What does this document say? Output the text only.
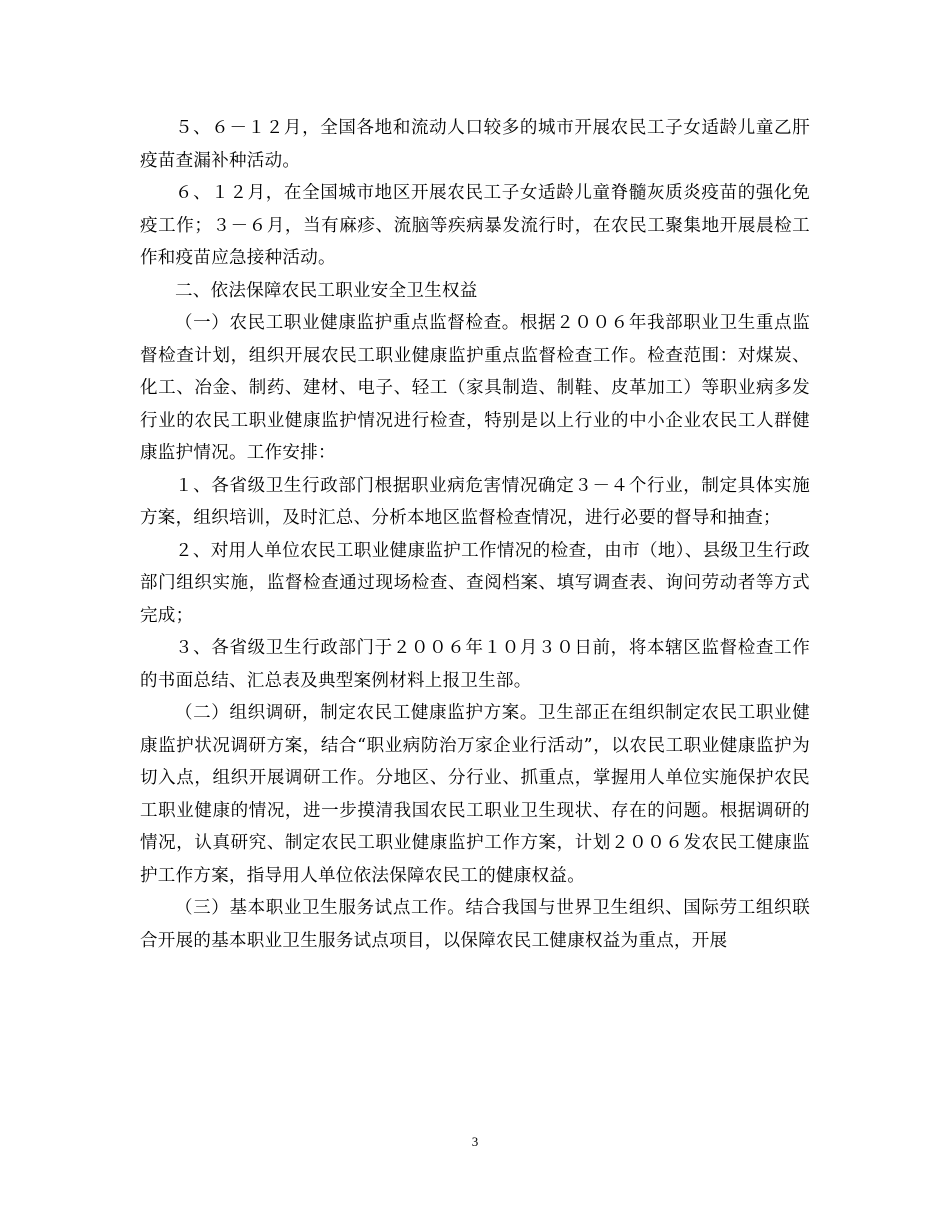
５、６－１２月，全国各地和流动人口较多的城市开展农民工子女适龄儿童乙肝疫苗查漏补种活动。

６、１２月，在全国城市地区开展农民工子女适龄儿童脊髓灰质炎疫苗的强化免疫工作；３－６月，当有麻疹、流脑等疾病暴发流行时，在农民工聚集地开展晨检工作和疫苗应急接种活动。

二、依法保障农民工职业安全卫生权益

（一）农民工职业健康监护重点监督检查。根据２００６年我部职业卫生重点监督检查计划，组织开展农民工职业健康监护重点监督检查工作。检查范围：对煤炭、化工、冶金、制药、建材、电子、轻工（家具制造、制鞋、皮革加工）等职业病多发行业的农民工职业健康监护情况进行检查，特别是以上行业的中小企业农民工人群健康监护情况。工作安排：

１、各省级卫生行政部门根据职业病危害情况确定３－４个行业，制定具体实施方案，组织培训，及时汇总、分析本地区监督检查情况，进行必要的督导和抽查；

２、对用人单位农民工职业健康监护工作情况的检查，由市（地）、县级卫生行政部门组织实施，监督检查通过现场检查、查阅档案、填写调查表、询问劳动者等方式完成；

３、各省级卫生行政部门于２００６年１０月３０日前，将本辖区监督检查工作的书面总结、汇总表及典型案例材料上报卫生部。

（二）组织调研，制定农民工健康监护方案。卫生部正在组织制定农民工职业健康监护状况调研方案，结合“职业病防治万家企业行活动”，以农民工职业健康监护为切入点，组织开展调研工作。分地区、分行业、抓重点，掌握用人单位实施保护农民工职业健康的情况，进一步摸清我国农民工职业卫生现状、存在的问题。根据调研的情况，认真研究、制定农民工职业健康监护工作方案，计划２００６发农民工健康监护工作方案，指导用人单位依法保障农民工的健康权益。

（三）基本职业卫生服务试点工作。结合我国与世界卫生组织、国际劳工组织联合开展的基本职业卫生服务试点项目，以保障农民工健康权益为重点，开展

3
